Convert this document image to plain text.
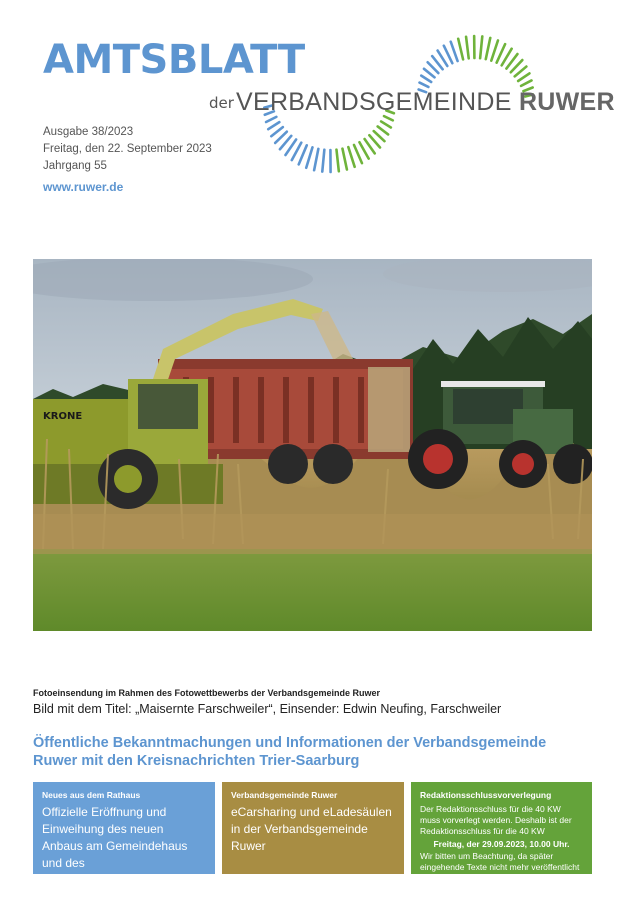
AMTSBLATT
der VERBANDSGEMEINDE RUWER
Ausgabe 38/2023
Freitag, den 22. September 2023
Jahrgang 55
www.ruwer.de
KRONE
Fotoeinsendung im Rahmen des Fotowettbewerbs der Verbandsgemeinde Ruwer
Bild mit dem Titel: „Maisernte Farschweiler“, Einsender: Edwin Neufing, Farschweiler
Öffentliche Bekanntmachungen und Informationen der Verbandsgemeinde Ruwer mit den Kreisnachrichten Trier-Saarburg
Neues aus dem Rathaus
Offizielle Eröffnung und Einweihung des neuen Anbaus am Gemeindehaus und des Mehrgenerationenplatzes an der Labach in Korlingen
Verbandsgemeinde Ruwer
eCarsharing und eLadesäulen in der Verbandsgemeinde Ruwer
Redaktionsschlussvorverlegung
Der Redaktionsschluss für die 40 KW muss vorverlegt werden. Deshalb ist der Redaktionsschluss für die 40 KW
Freitag, der 29.09.2023, 10.00 Uhr.
Wir bitten um Beachtung, da später eingehende Texte nicht mehr veröffentlicht werden.
